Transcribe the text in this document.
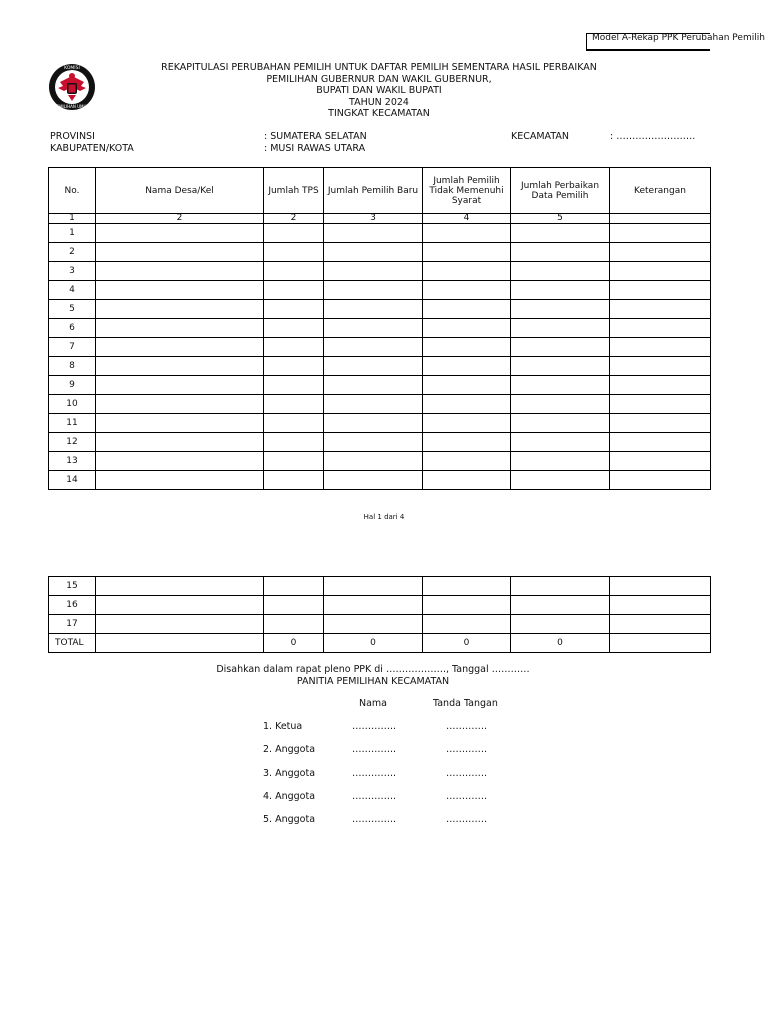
Model A-Rekap PPK Perubahan Pemilih
KOMISI
PEMILIHAN UMUM
REKAPITULASI PERUBAHAN PEMILIH UNTUK DAFTAR PEMILIH SEMENTARA HASIL PERBAIKAN
PEMILIHAN GUBERNUR DAN WAKIL GUBERNUR,
BUPATI DAN WAKIL BUPATI
TAHUN 2024
TINGKAT KECAMATAN
PROVINSI	: SUMATERA SELATAN
KABUPATEN/KOTA	: MUSI RAWAS UTARA
KECAMATAN	: …………………….
No.	Nama Desa/Kel	Jumlah TPS	Jumlah Pemilih Baru	Jumlah Pemilih Tidak Memenuhi Syarat	Jumlah Perbaikan Data Pemilih	Keterangan
1	2	2	3	4	5	
1						
2						
3						
4						
5						
6						
7						
8						
9						
10						
11						
12						
13						
14						
Hal 1 dari 4
15						
16						
17						
TOTAL		0	0	0	0	
Disahkan dalam rapat pleno PPK di ………………., Tanggal …………
PANITIA PEMILIHAN KECAMATAN
Nama	Tanda Tangan
1. Ketua	…………..	………….
2. Anggota	…………..	………….
3. Anggota	…………..	………….
4. Anggota	…………..	………….
5. Anggota	…………..	………….
